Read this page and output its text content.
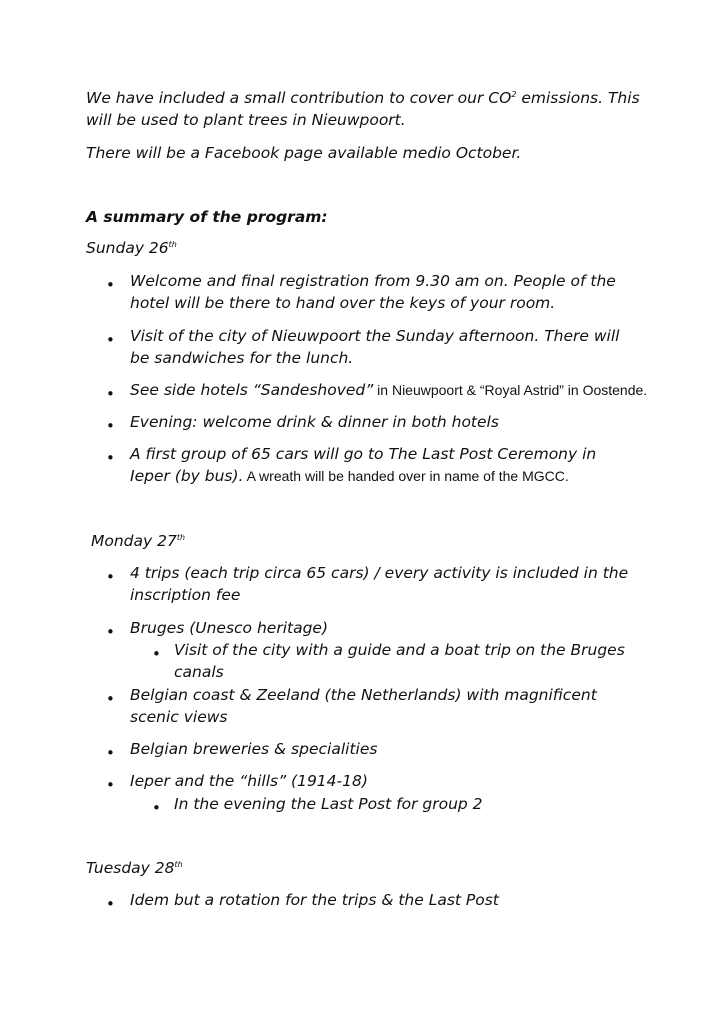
We have included a small contribution to cover our $CO^2$ emissions. This will be used to plant trees in Nieuwpoort.

There will be a Facebook page available medio October.

A summary of the program:

Sunday 26th

• Welcome and final registration from 9.30 am on. People of the hotel will be there to hand over the keys of your room.
• Visit of the city of Nieuwpoort the Sunday afternoon. There will be sandwiches for the lunch.
• See side hotels “Sandeshoved” in Nieuwpoort & “Royal Astrid” in Oostende.
• Evening: welcome drink & dinner in both hotels
• A first group of 65 cars will go to The Last Post Ceremony in Ieper (by bus). A wreath will be handed over in name of the MGCC.

Monday 27th

• 4 trips (each trip circa 65 cars) / every activity is included in the inscription fee
• Bruges (Unesco heritage)
• Visit of the city with a guide and a boat trip on the Bruges canals
• Belgian coast & Zeeland (the Netherlands) with magnificent scenic views
• Belgian breweries & specialities
• Ieper and the “hills” (1914-18)
• In the evening the Last Post for group 2

Tuesday 28th

• Idem but a rotation for the trips & the Last Post
